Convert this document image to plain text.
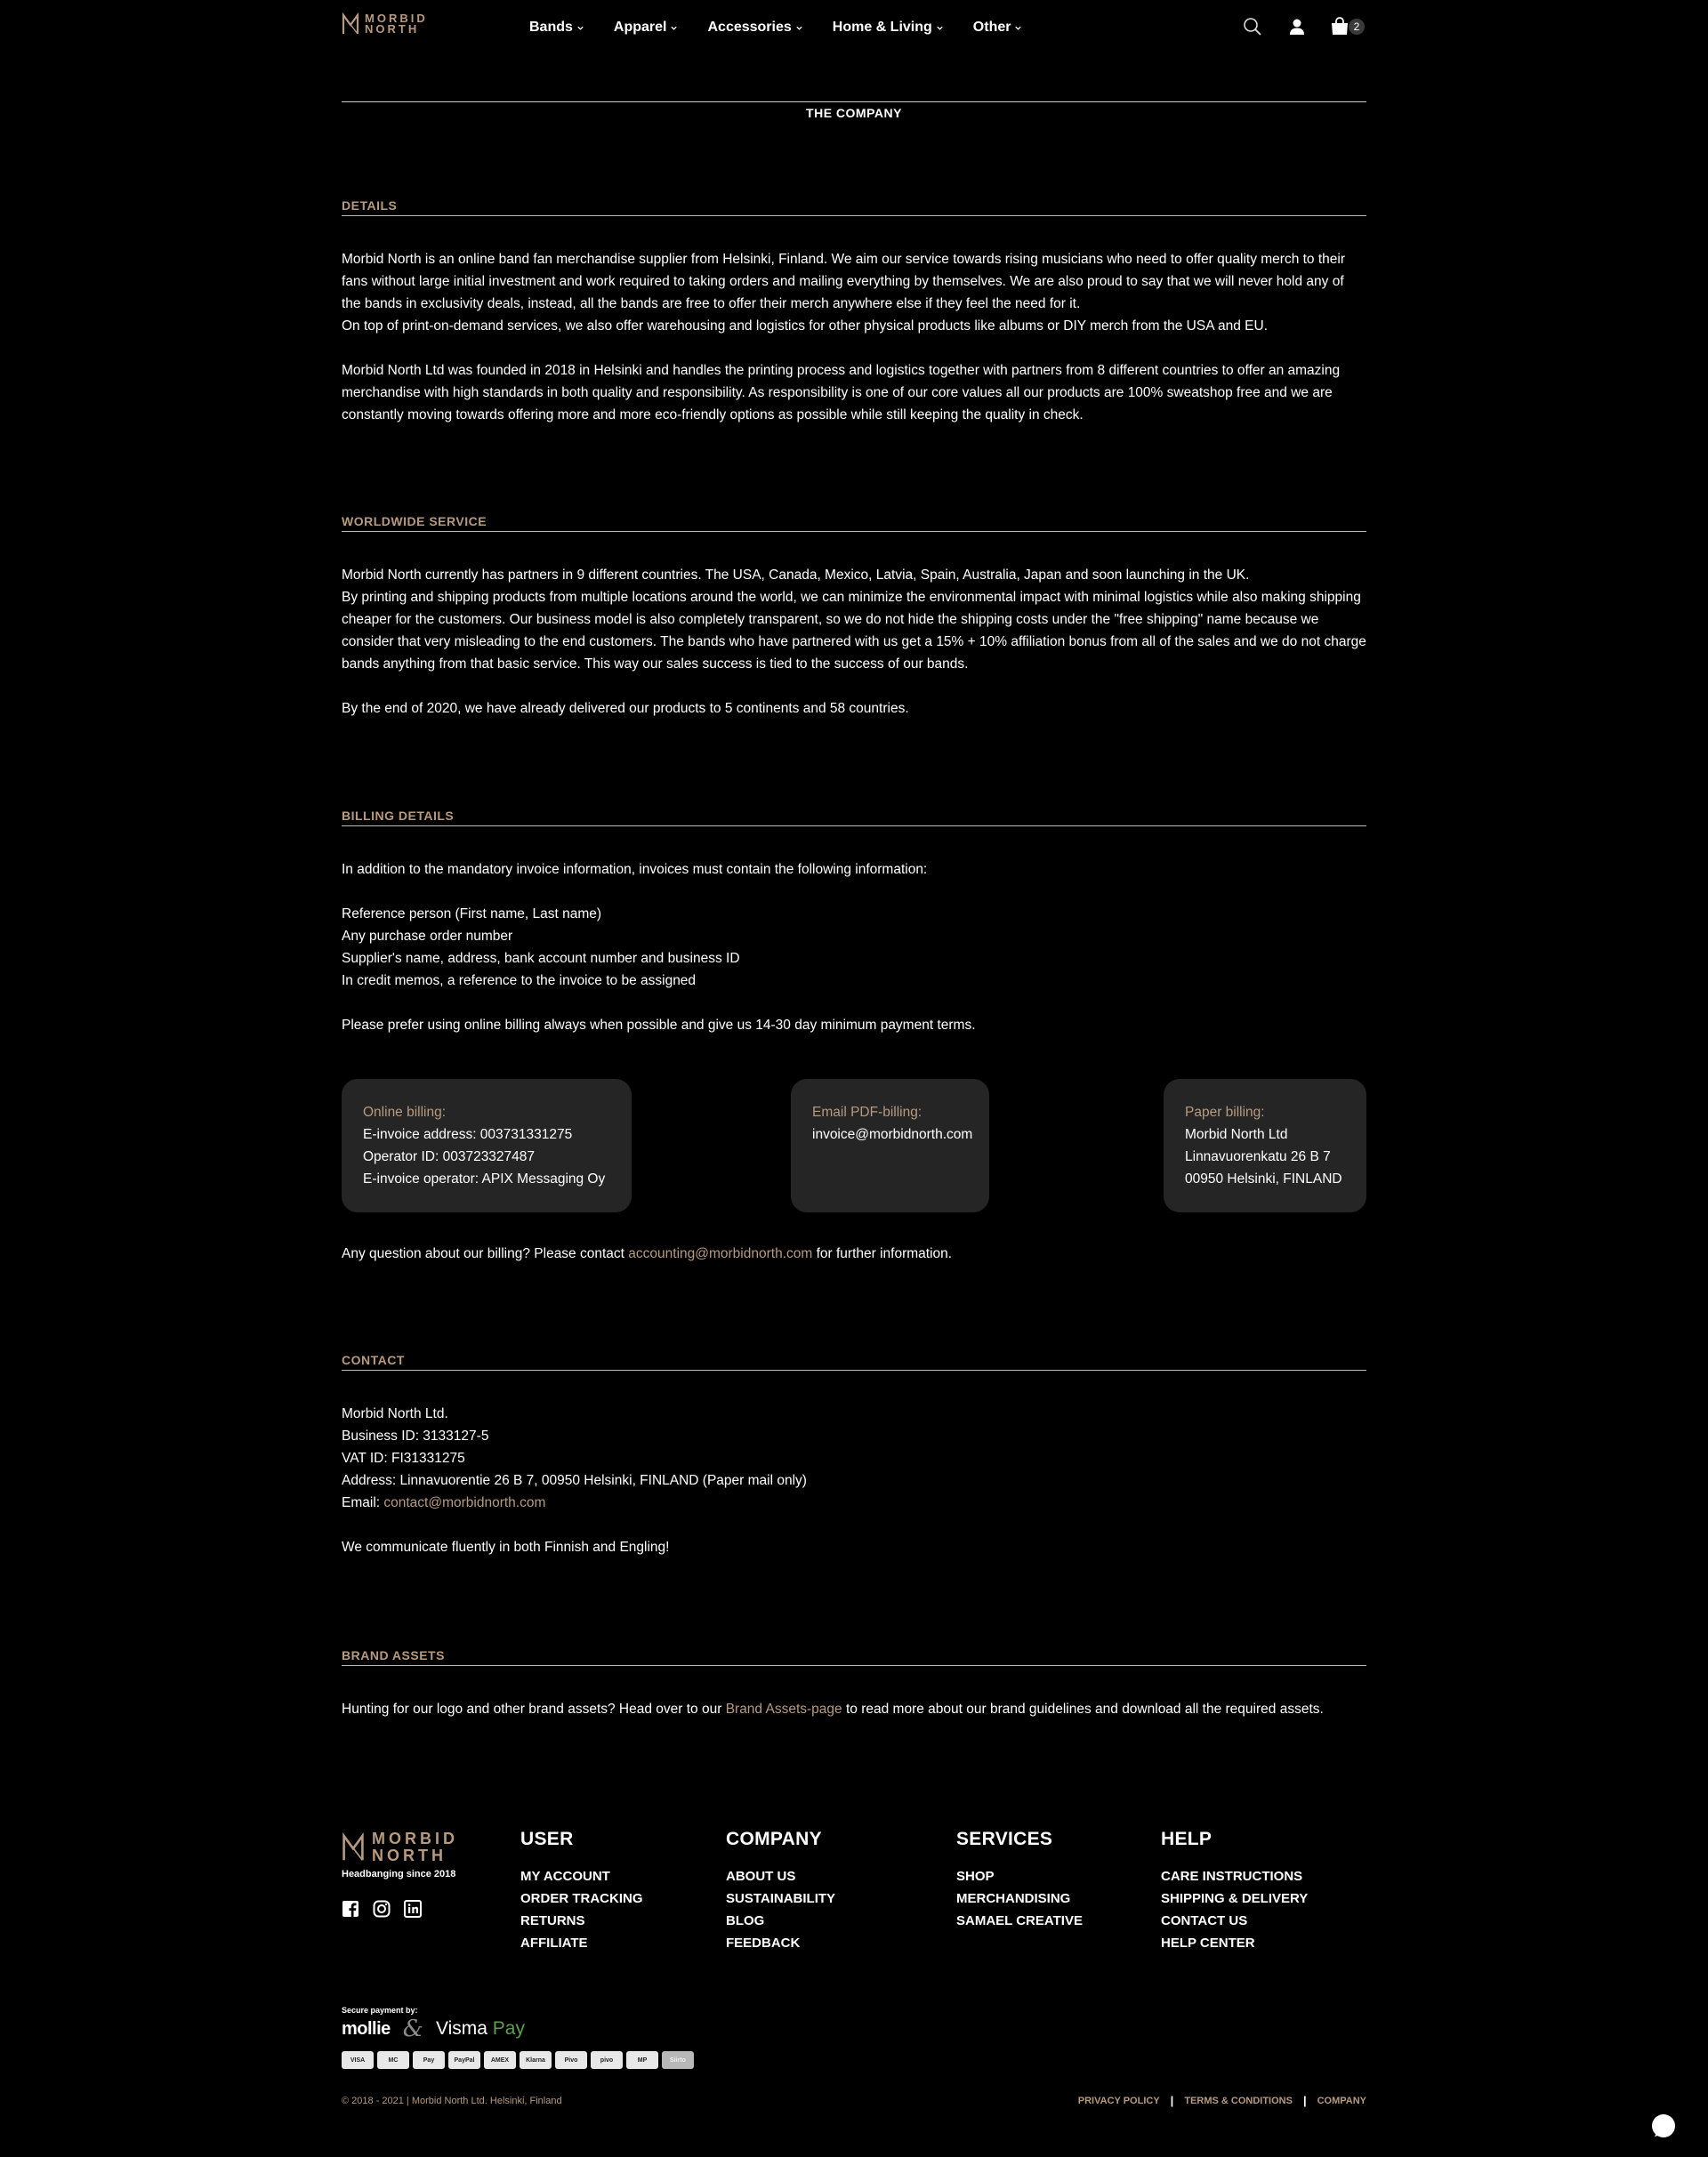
MORBID
NORTH	Bands	Apparel	Accessories	Home & Living	Other	2
THE COMPANY
DETAILS

Morbid North is an online band fan merchandise supplier from Helsinki, Finland. We aim our service towards rising musicians who need to offer quality merch to their fans without large initial investment and work required to taking orders and mailing everything by themselves. We are also proud to say that we will never hold any of the bands in exclusivity deals, instead, all the bands are free to offer their merch anywhere else if they feel the need for it.

On top of print-on-demand services, we also offer warehousing and logistics for other physical products like albums or DIY merch from the USA and EU.

Morbid North Ltd was founded in 2018 in Helsinki and handles the printing process and logistics together with partners from 8 different countries to offer an amazing merchandise with high standards in both quality and responsibility. As responsibility is one of our core values all our products are 100% sweatshop free and we are constantly moving towards offering more and more eco-friendly options as possible while still keeping the quality in check.

WORLDWIDE SERVICE

Morbid North currently has partners in 9 different countries. The USA, Canada, Mexico, Latvia, Spain, Australia, Japan and soon launching in the UK.

By printing and shipping products from multiple locations around the world, we can minimize the environmental impact with minimal logistics while also making shipping cheaper for the customers. Our business model is also completely transparent, so we do not hide the shipping costs under the "free shipping" name because we consider that very misleading to the end customers. The bands who have partnered with us get a 15% + 10% affiliation bonus from all of the sales and we do not charge bands anything from that basic service. This way our sales success is tied to the success of our bands.

By the end of 2020, we have already delivered our products to 5 continents and 58 countries.

BILLING DETAILS

In addition to the mandatory invoice information, invoices must contain the following information:

Reference person (First name, Last name)
Any purchase order number
Supplier's name, address, bank account number and business ID
In credit memos, a reference to the invoice to be assigned

Please prefer using online billing always when possible and give us 14-30 day minimum payment terms.

Online billing:
E-invoice address: 003731331275
Operator ID: 003723327487
E-invoice operator: APIX Messaging Oy
Email PDF-billing:
invoice@morbidnorth.com
Paper billing:
Morbid North Ltd
Linnavuorenkatu 26 B 7
00950 Helsinki, FINLAND

Any question about our billing? Please contact accounting@morbidnorth.com for further information.

CONTACT

Morbid North Ltd.

Business ID: 3133127-5

VAT ID: FI31331275

Address: Linnavuorentie 26 B 7, 00950 Helsinki, FINLAND (Paper mail only)

Email: contact@morbidnorth.com

We communicate fluently in both Finnish and Engling!

BRAND ASSETS

Hunting for our logo and other brand assets? Head over to our Brand Assets-page to read more about our brand guidelines and download all the required assets.

MORBID
NORTH
Headbanging since 2018
USER
MY ACCOUNT
ORDER TRACKING
RETURNS
AFFILIATE
COMPANY
ABOUT US
SUSTAINABILITY
BLOG
FEEDBACK
SERVICES
SHOP
MERCHANDISING
SAMAEL CREATIVE
HELP
CARE INSTRUCTIONS
SHIPPING & DELIVERY
CONTACT US
HELP CENTER
Secure payment by:
mollie & Visma Pay
VISA	MC	Pay	PayPal	AMEX	Klarna	Pivo	pivo	MP	Siirto
© 2018 - 2021 | Morbid North Ltd. Helsinki, Finland	PRIVACY POLICY | TERMS & CONDITIONS | COMPANY
